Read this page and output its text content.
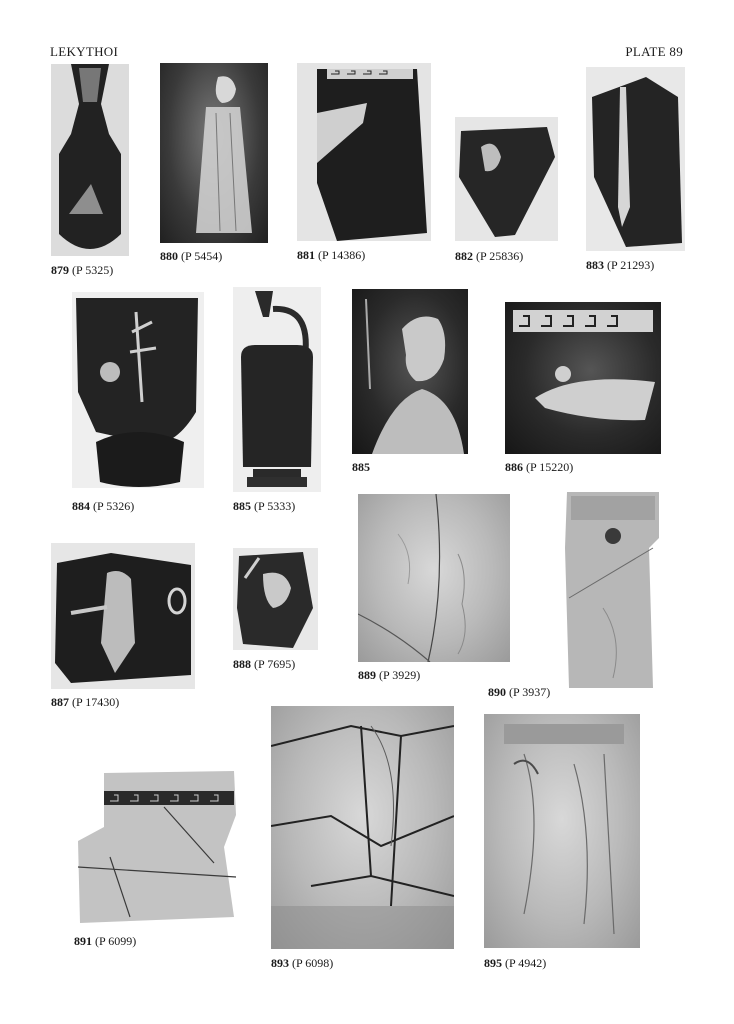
LEKYTHOI	PLATE 89
879 (P 5325)
880 (P 5454)	881 (P 14386)	882 (P 25836)
883 (P 21293)
884 (P 5326)	885 (P 5333)
885	886 (P 15220)
887 (P 17430)
888 (P 7695)
889 (P 3929)
890 (P 3937)
891 (P 6099)
893 (P 6098)	895 (P 4942)
